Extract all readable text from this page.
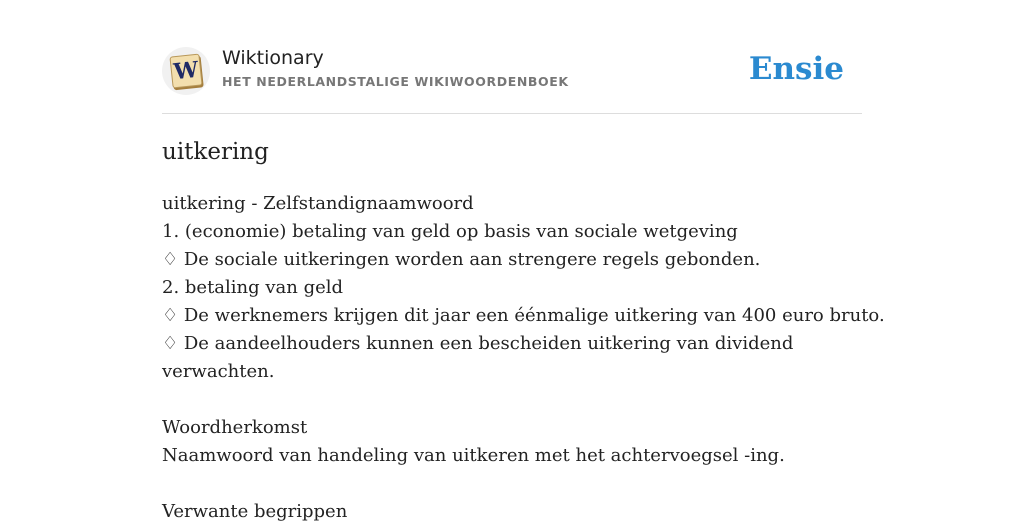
W Wiktionary
HET NEDERLANDSTALIGE WIKIWOORDENBOEK	Ensie
uitkering
uitkering - Zelfstandignaamwoord
1. (economie) betaling van geld op basis van sociale wetgeving
♢ De sociale uitkeringen worden aan strengere regels gebonden.
2. betaling van geld
♢ De werknemers krijgen dit jaar een éénmalige uitkering van 400 euro bruto.
♢ De aandeelhouders kunnen een bescheiden uitkering van dividend verwachten.
Woordherkomst
Naamwoord van handeling van uitkeren met het achtervoegsel -ing.
Verwante begrippen
